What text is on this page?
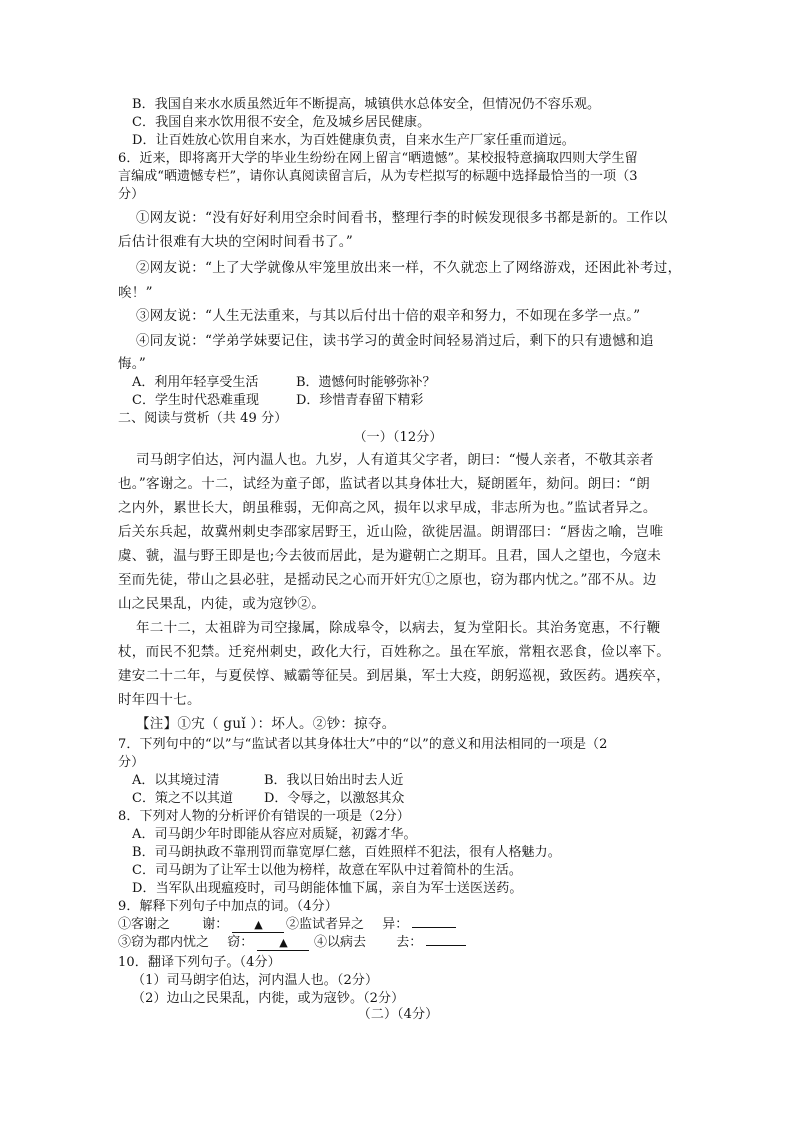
B．我国自来水水质虽然近年不断提高，城镇供水总体安全，但情况仍不容乐观。
C．我国自来水饮用很不安全，危及城乡居民健康。
D．让百姓放心饮用自来水，为百姓健康负责，自来水生产厂家任重而道远。
6．近来，即将离开大学的毕业生纷纷在网上留言“晒遗憾”。某校报特意摘取四则大学生留
言编成“晒遗憾专栏”，请你认真阅读留言后，从为专栏拟写的标题中选择最恰当的一项（3
分）
①网友说：“没有好好利用空余时间看书，整理行李的时候发现很多书都是新的。工作以
后估计很难有大块的空闲时间看书了。”
②网友说：“上了大学就像从牢笼里放出来一样，不久就恋上了网络游戏，还困此补考过，
唉！”
③网友说：“人生无法重来，与其以后付出十倍的艰辛和努力，不如现在多学一点。”
④同友说：“学弟学妹要记住，读书学习的黄金时间轻易消过后，剩下的只有遗憾和追
悔。”
A．利用年轻享受生活	B．遗憾何时能够弥补？
C．学生时代恐难重现	D．珍惜青春留下精彩
二、阅读与赏析（共 49 分）
（一）（12分）
司马朗字伯达，河内温人也。九岁，人有道其父字者，朗曰：“慢人亲者，不敬其亲者
也。”客谢之。十二，试经为童子郎，监试者以其身体壮大，疑朗匿年，劾问。朗曰：“朗
之内外，累世长大，朗虽稚弱，无仰高之风，损年以求早成，非志所为也。”监试者异之。
后关东兵起，故冀州刺史李邵家居野王，近山险，欲徙居温。朗谓邵曰：“唇齿之喻，岂唯
虞、虢，温与野王即是也;今去彼而居此，是为避朝亡之期耳。且君，国人之望也，今寇未
至而先徒，带山之县必驻，是摇动民之心而开奸宄①之原也，窃为郡内忧之。”邵不从。边
山之民果乱，内徒，或为寇钞②。
年二十二，太祖辟为司空掾属，除成皋令，以病去，复为堂阳长。其治务宽惠，不行鞭
杖，而民不犯禁。迁兖州刺史，政化大行，百姓称之。虽在军旅，常粗衣恶食，俭以率下。
建安二十二年，与夏侯惇、臧霸等征吴。到居巢，军士大疫，朗躬巡视，致医药。遇疾卒，
时年四十七。
【注】①宄（ guǐ ）：坏人。②钞：掠夺。
7．下列句中的“以”与“监试者以其身体壮大”中的“以”的意义和用法相同的一项是（2
分）
A．以其境过清	B．我以日始出时去人近
C．策之不以其道 D．令辱之，以激怒其众
8．下列对人物的分析评价有错误的一项是（2分）
A．司马朗少年时即能从容应对质疑，初露才华。
B．司马朗执政不靠刑罚而靠宽厚仁慈，百姓照样不犯法，很有人格魅力。
C．司马朗为了让军士以他为榜样，故意在军队中过着简朴的生活。
D．当军队出现瘟疫时，司马朗能体恤下属，亲自为军士送医送药。
9．解释下列句子中加点的词。（4分）
①客谢之 谢： ▲	②监试者异之 异：
③窃为郡内忧之 窃： ▲	④以病去 去：
10．翻译下列句子。（4分）
（1）司马朗字伯达，河内温人也。（2分）
（2）边山之民果乱，内徙，或为寇钞。（2分）
（二）（4分）
